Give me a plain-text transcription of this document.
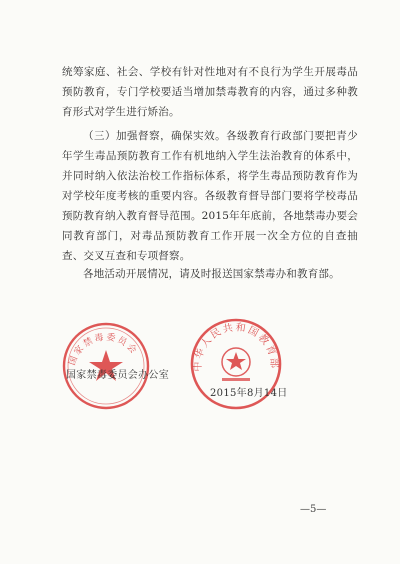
统筹家庭、社会、学校有针对性地对有不良行为学生开展毒品预防教育，专门学校要适当增加禁毒教育的内容，通过多种教育形式对学生进行矫治。

（三）加强督察，确保实效。各级教育行政部门要把青少年学生毒品预防教育工作有机地纳入学生法治教育的体系中，并同时纳入依法治校工作指标体系，将学生毒品预防教育作为对学校年度考核的重要内容。各级教育督导部门要将学校毒品预防教育纳入教育督导范围。2015年年底前，各地禁毒办要会同教育部门，对毒品预防教育工作开展一次全方位的自查抽查、交叉互查和专项督察。

各地活动开展情况，请及时报送国家禁毒办和教育部。

国家禁毒委员会
中华人民共和国教育部
国家禁毒委员会办公室
2015年8月14日
—5—
